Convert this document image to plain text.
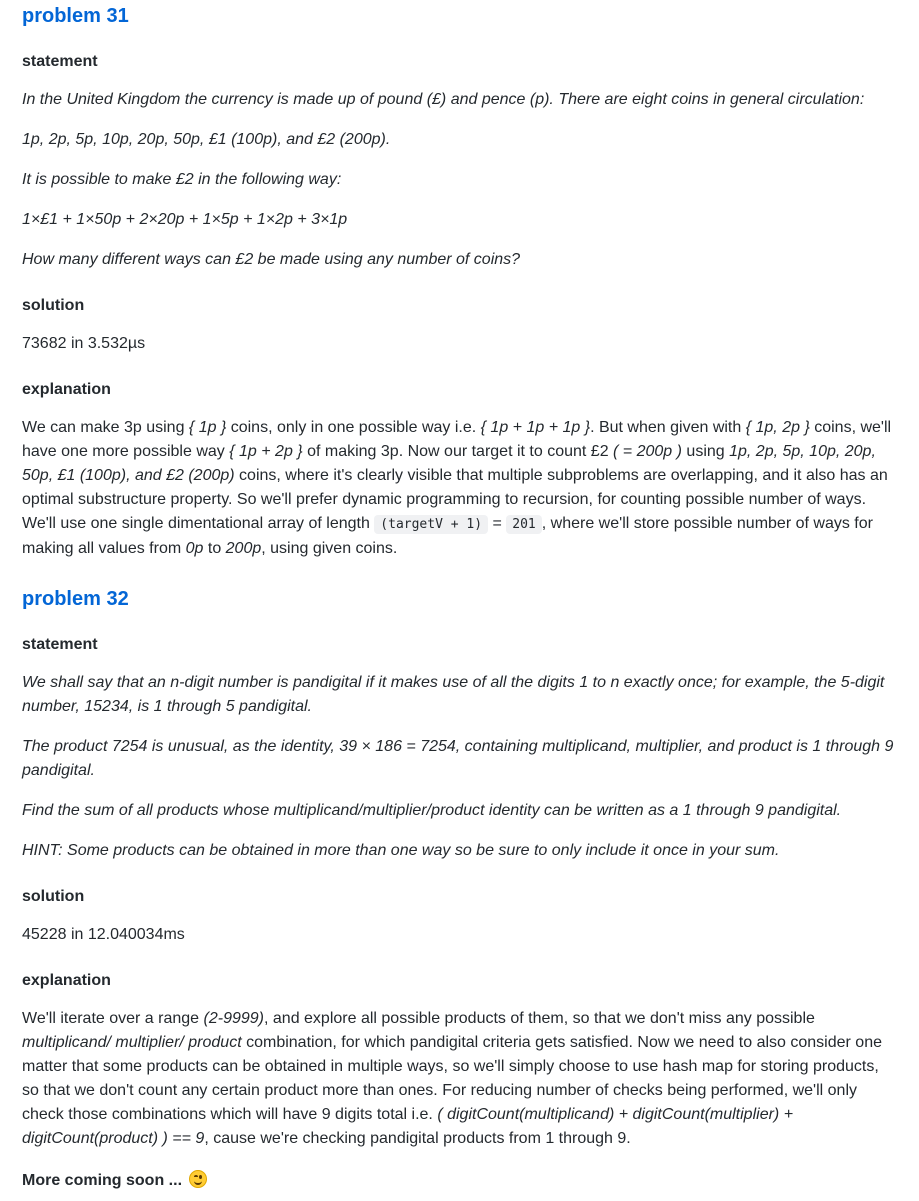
problem 31
statement

In the United Kingdom the currency is made up of pound (£) and pence (p). There are eight coins in general circulation:

1p, 2p, 5p, 10p, 20p, 50p, £1 (100p), and £2 (200p).

It is possible to make £2 in the following way:

1×£1 + 1×50p + 2×20p + 1×5p + 1×2p + 3×1p

How many different ways can £2 be made using any number of coins?

solution

73682 in 3.532µs

explanation

We can make 3p using { 1p } coins, only in one possible way i.e. { 1p + 1p + 1p }. But when given with { 1p, 2p } coins, we'll have one more possible way { 1p + 2p } of making 3p. Now our target it to count £2 ( = 200p ) using 1p, 2p, 5p, 10p, 20p, 50p, £1 (100p), and £2 (200p) coins, where it's clearly visible that multiple subproblems are overlapping, and it also has an optimal substructure property. So we'll prefer dynamic programming to recursion, for counting possible number of ways. We'll use one single dimentational array of length (targetV + 1) = 201 , where we'll store possible number of ways for making all values from 0p to 200p, using given coins.

problem 32
statement

We shall say that an n-digit number is pandigital if it makes use of all the digits 1 to n exactly once; for example, the 5-digit number, 15234, is 1 through 5 pandigital.

The product 7254 is unusual, as the identity, 39 × 186 = 7254, containing multiplicand, multiplier, and product is 1 through 9 pandigital.

Find the sum of all products whose multiplicand/multiplier/product identity can be written as a 1 through 9 pandigital.

HINT: Some products can be obtained in more than one way so be sure to only include it once in your sum.

solution

45228 in 12.040034ms

explanation

We'll iterate over a range (2-9999), and explore all possible products of them, so that we don't miss any possible multiplicand/ multiplier/ product combination, for which pandigital criteria gets satisfied. Now we need to also consider one matter that some products can be obtained in multiple ways, so we'll simply choose to use hash map for storing products, so that we don't count any certain product more than ones. For reducing number of checks being performed, we'll only check those combinations which will have 9 digits total i.e. ( digitCount(multiplicand) + digitCount(multiplier) + digitCount(product) ) == 9, cause we're checking pandigital products from 1 through 9.

More coming soon ...
